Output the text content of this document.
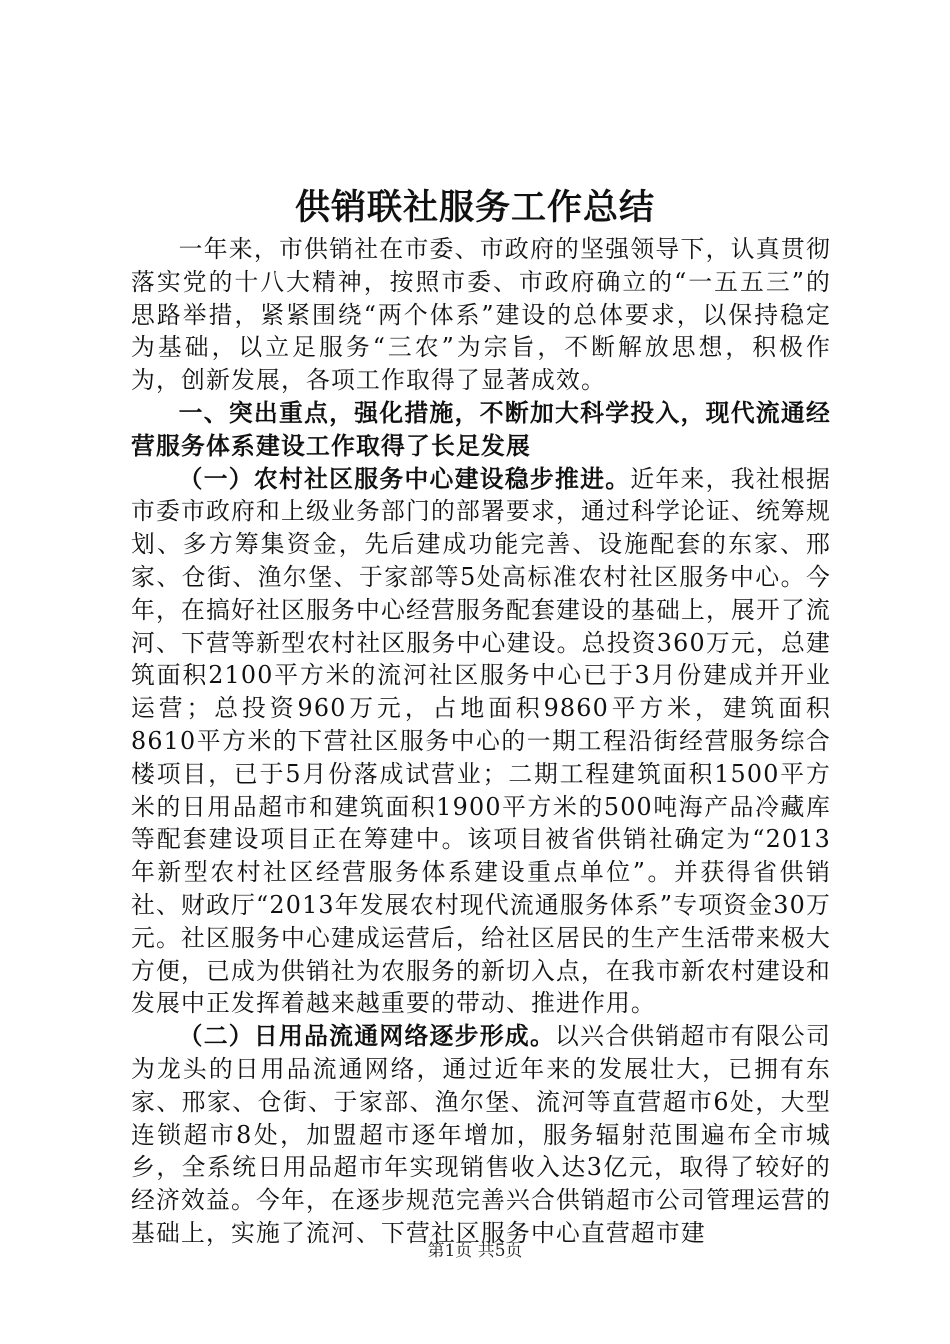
供销联社服务工作总结

一年来，市供销社在市委、市政府的坚强领导下，认真贯彻落实党的十八大精神，按照市委、市政府确立的“一五五三”的思路举措，紧紧围绕“两个体系”建设的总体要求，以保持稳定为基础，以立足服务“三农”为宗旨，不断解放思想，积极作为，创新发展，各项工作取得了显著成效。

一、突出重点，强化措施，不断加大科学投入，现代流通经营服务体系建设工作取得了长足发展

（一）农村社区服务中心建设稳步推进。近年来，我社根据市委市政府和上级业务部门的部署要求，通过科学论证、统筹规划、多方筹集资金，先后建成功能完善、设施配套的东家、邢家、仓街、渔尔堡、于家部等5处高标准农村社区服务中心。今年，在搞好社区服务中心经营服务配套建设的基础上，展开了流河、下营等新型农村社区服务中心建设。总投资360万元，总建筑面积2100平方米的流河社区服务中心已于3月份建成并开业运营；总投资960万元，占地面积9860平方米，建筑面积8610平方米的下营社区服务中心的一期工程沿街经营服务综合楼项目，已于5月份落成试营业；二期工程建筑面积1500平方米的日用品超市和建筑面积1900平方米的500吨海产品冷藏库等配套建设项目正在筹建中。该项目被省供销社确定为“2013年新型农村社区经营服务体系建设重点单位”。并获得省供销社、财政厅“2013年发展农村现代流通服务体系”专项资金30万元。社区服务中心建成运营后，给社区居民的生产生活带来极大方便，已成为供销社为农服务的新切入点，在我市新农村建设和发展中正发挥着越来越重要的带动、推进作用。

（二）日用品流通网络逐步形成。以兴合供销超市有限公司为龙头的日用品流通网络，通过近年来的发展壮大，已拥有东家、邢家、仓街、于家部、渔尔堡、流河等直营超市6处，大型连锁超市8处，加盟超市逐年增加，服务辐射范围遍布全市城乡，全系统日用品超市年实现销售收入达3亿元，取得了较好的经济效益。今年，在逐步规范完善兴合供销超市公司管理运营的基础上，实施了流河、下营社区服务中心直营超市建

第1页 共5页
